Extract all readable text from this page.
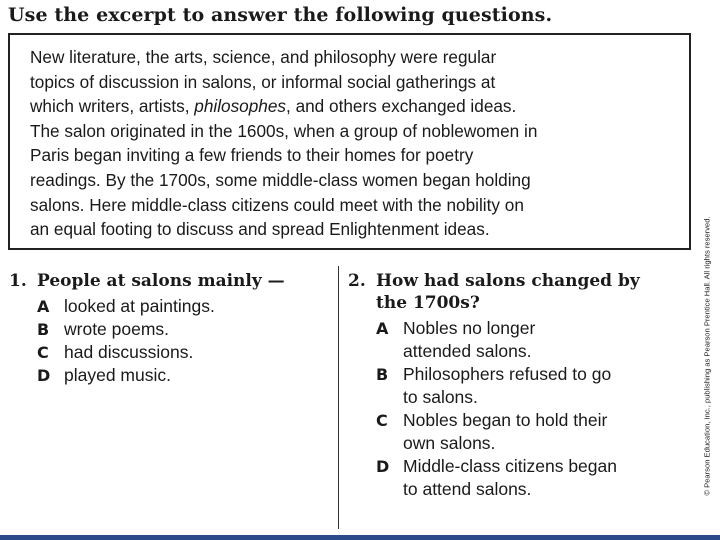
Use the excerpt to answer the following questions.
New literature, the arts, science, and philosophy were regular
topics of discussion in salons, or informal social gatherings at
which writers, artists, philosophes, and others exchanged ideas.
The salon originated in the 1600s, when a group of noblewomen in
Paris began inviting a few friends to their homes for poetry
readings. By the 1700s, some middle-class women began holding
salons. Here middle-class citizens could meet with the nobility on
an equal footing to discuss and spread Enlightenment ideas.
1. People at salons mainly —
A looked at paintings.
B wrote poems.
C had discussions.
D played music.
2. How had salons changed by
the 1700s?
A Nobles no longer
attended salons.
B Philosophers refused to go
to salons.
C Nobles began to hold their
own salons.
D Middle-class citizens began
to attend salons.	© Pearson Education, Inc., publishing as Pearson Prentice Hall. All rights reserved.
